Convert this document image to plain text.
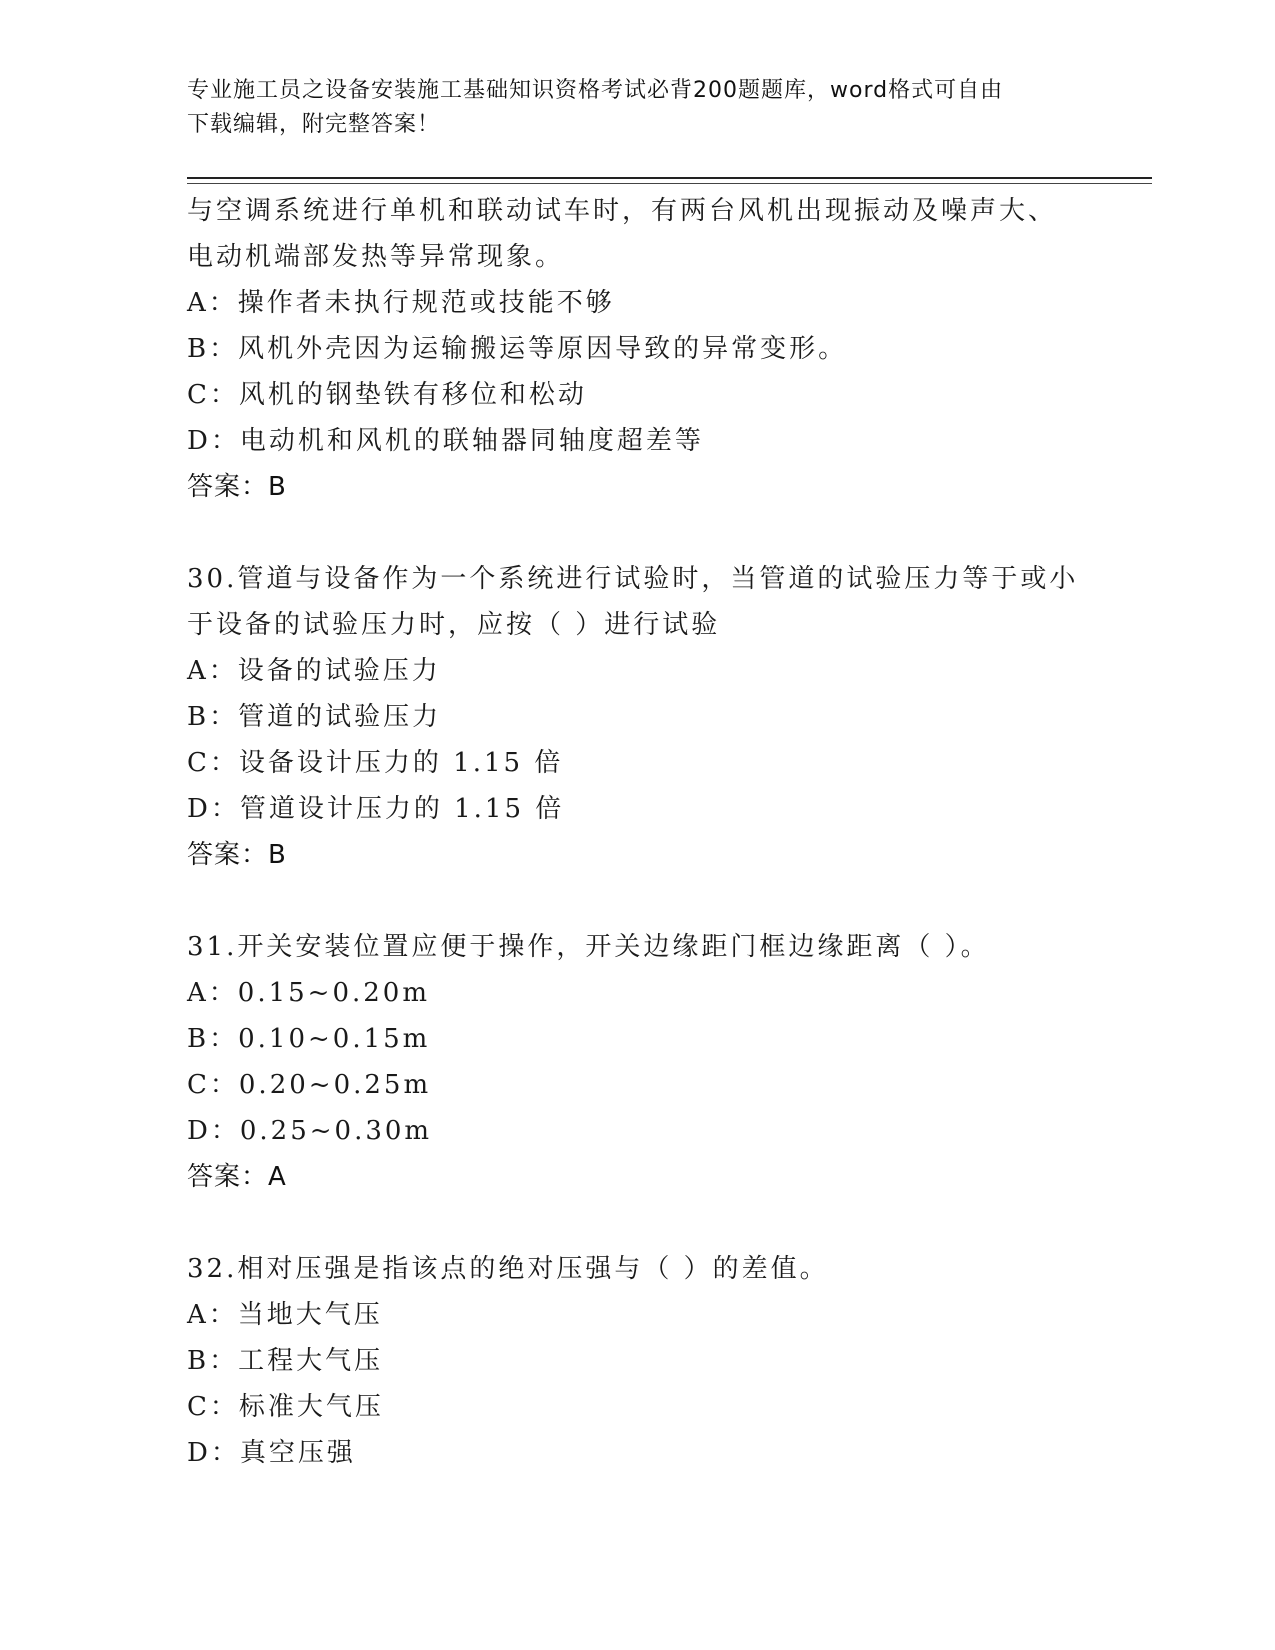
专业施工员之设备安装施工基础知识资格考试必背200题题库，word格式可自由
下载编辑，附完整答案！
与空调系统进行单机和联动试车时，有两台风机出现振动及噪声大、
电动机端部发热等异常现象。
A：操作者未执行规范或技能不够
B：风机外壳因为运输搬运等原因导致的异常变形。
C：风机的钢垫铁有移位和松动
D：电动机和风机的联轴器同轴度超差等
答案：B
30.管道与设备作为一个系统进行试验时，当管道的试验压力等于或小
于设备的试验压力时，应按（ ）进行试验
A：设备的试验压力
B：管道的试验压力
C：设备设计压力的 1.15 倍
D：管道设计压力的 1.15 倍
答案：B
31.开关安装位置应便于操作，开关边缘距门框边缘距离（ ）。
A：0.15~0.20m
B：0.10~0.15m
C：0.20~0.25m
D：0.25~0.30m
答案：A
32.相对压强是指该点的绝对压强与（ ）的差值。
A：当地大气压
B：工程大气压
C：标准大气压
D：真空压强
